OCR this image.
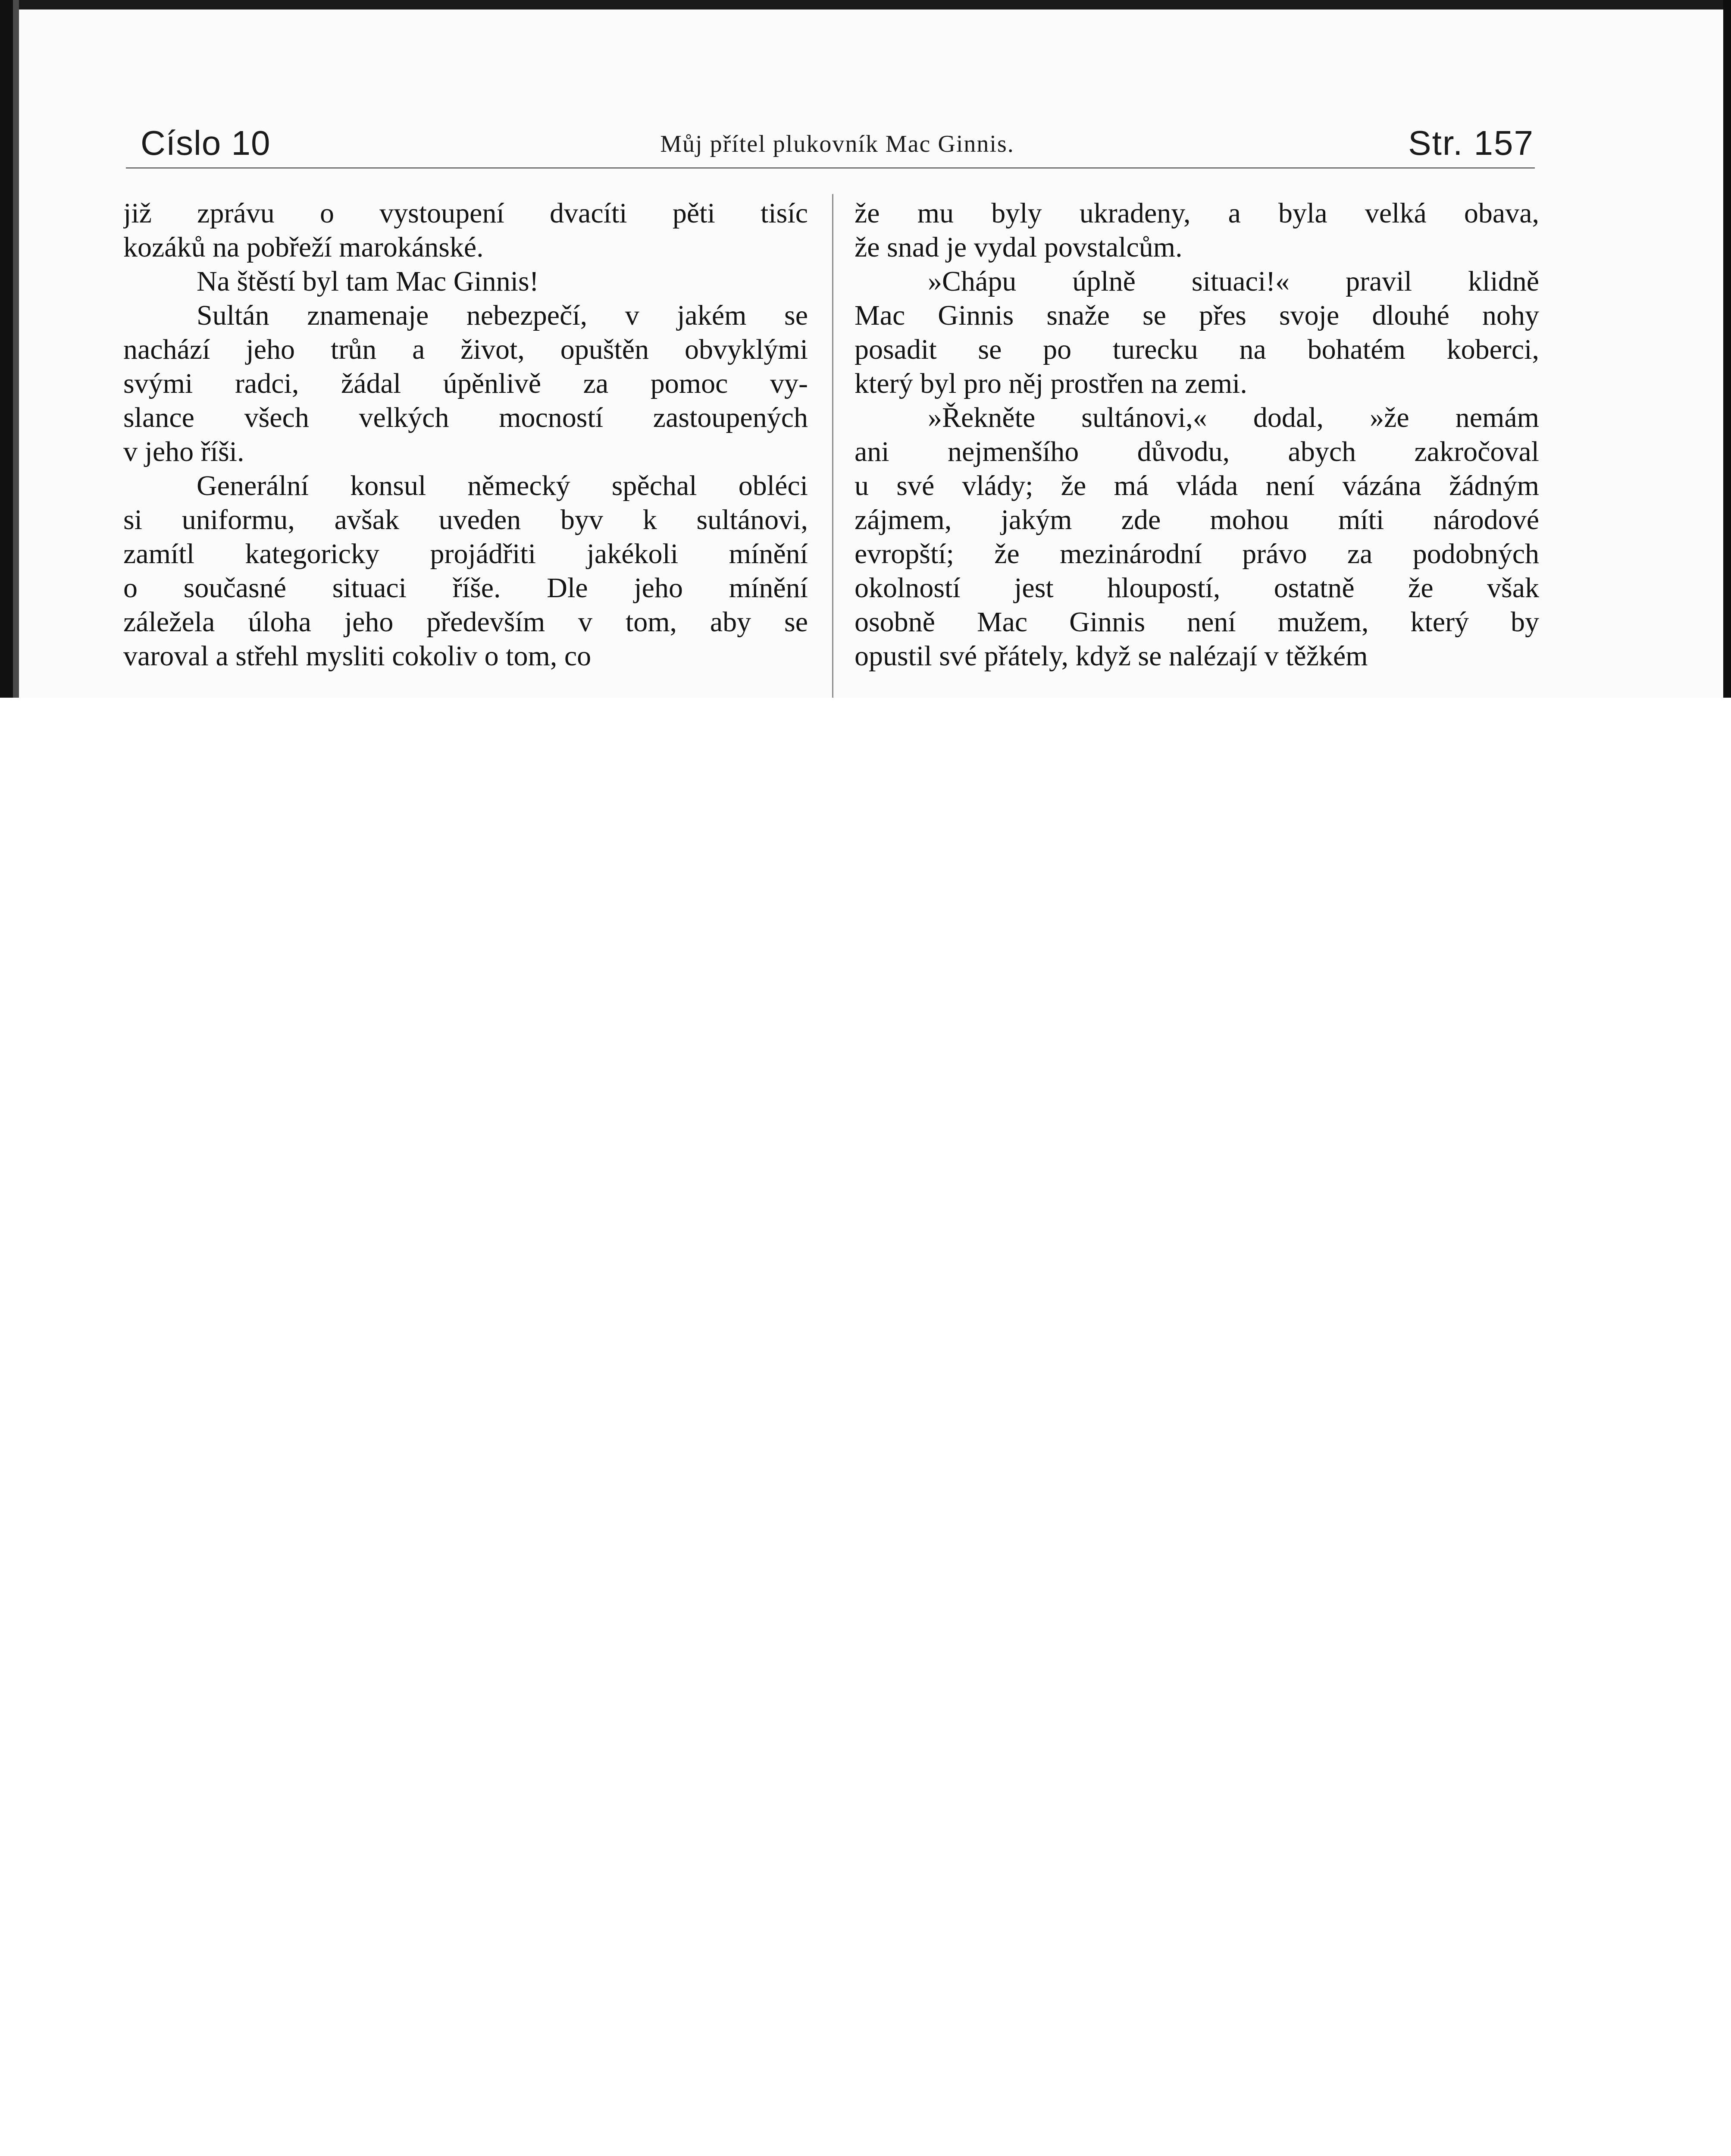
Císlo 10	Můj přítel plukovník Mac Ginnis.	Str. 157
již zprávu o vystoupení dvacíti pěti tisíc
kozáků na pobřeží marokánské.
Na štěstí byl tam Mac Ginnis!
Sultán znamenaje nebezpečí, v jakém se
nachází jeho trůn a život, opuštěn obvyklými
svými radci, žádal úpěnlivě za pomoc vy-
slance všech velkých mocností zastoupených
v jeho říši.
Generální konsul německý spěchal obléci
si uniformu, avšak uveden byv k sultánovi,
zamítl kategoricky projádřiti jakékoli mínění
o současné situaci říše. Dle jeho mínění
záležela úloha jeho především v tom, aby se
varoval a střehl mysliti cokoliv o tom, co
že mu byly ukradeny, a byla velká obava,
že snad je vydal povstalcům.
»Chápu úplně situaci!« pravil klidně
Mac Ginnis snaže se přes svoje dlouhé nohy
posadit se po turecku na bohatém koberci,
který byl pro něj prostřen na zemi.
»Řekněte sultánovi,« dodal, »že nemám
ani nejmenšího důvodu, abych zakročoval
u své vlády; že má vláda není vázána žádným
zájmem, jakým zde mohou míti národové
evropští; že mezinárodní právo za podobných
okolností jest hloupostí, ostatně že však
osobně Mac Ginnis není mužem, který by
opustil své přátely, když se nalézají v těžkém
